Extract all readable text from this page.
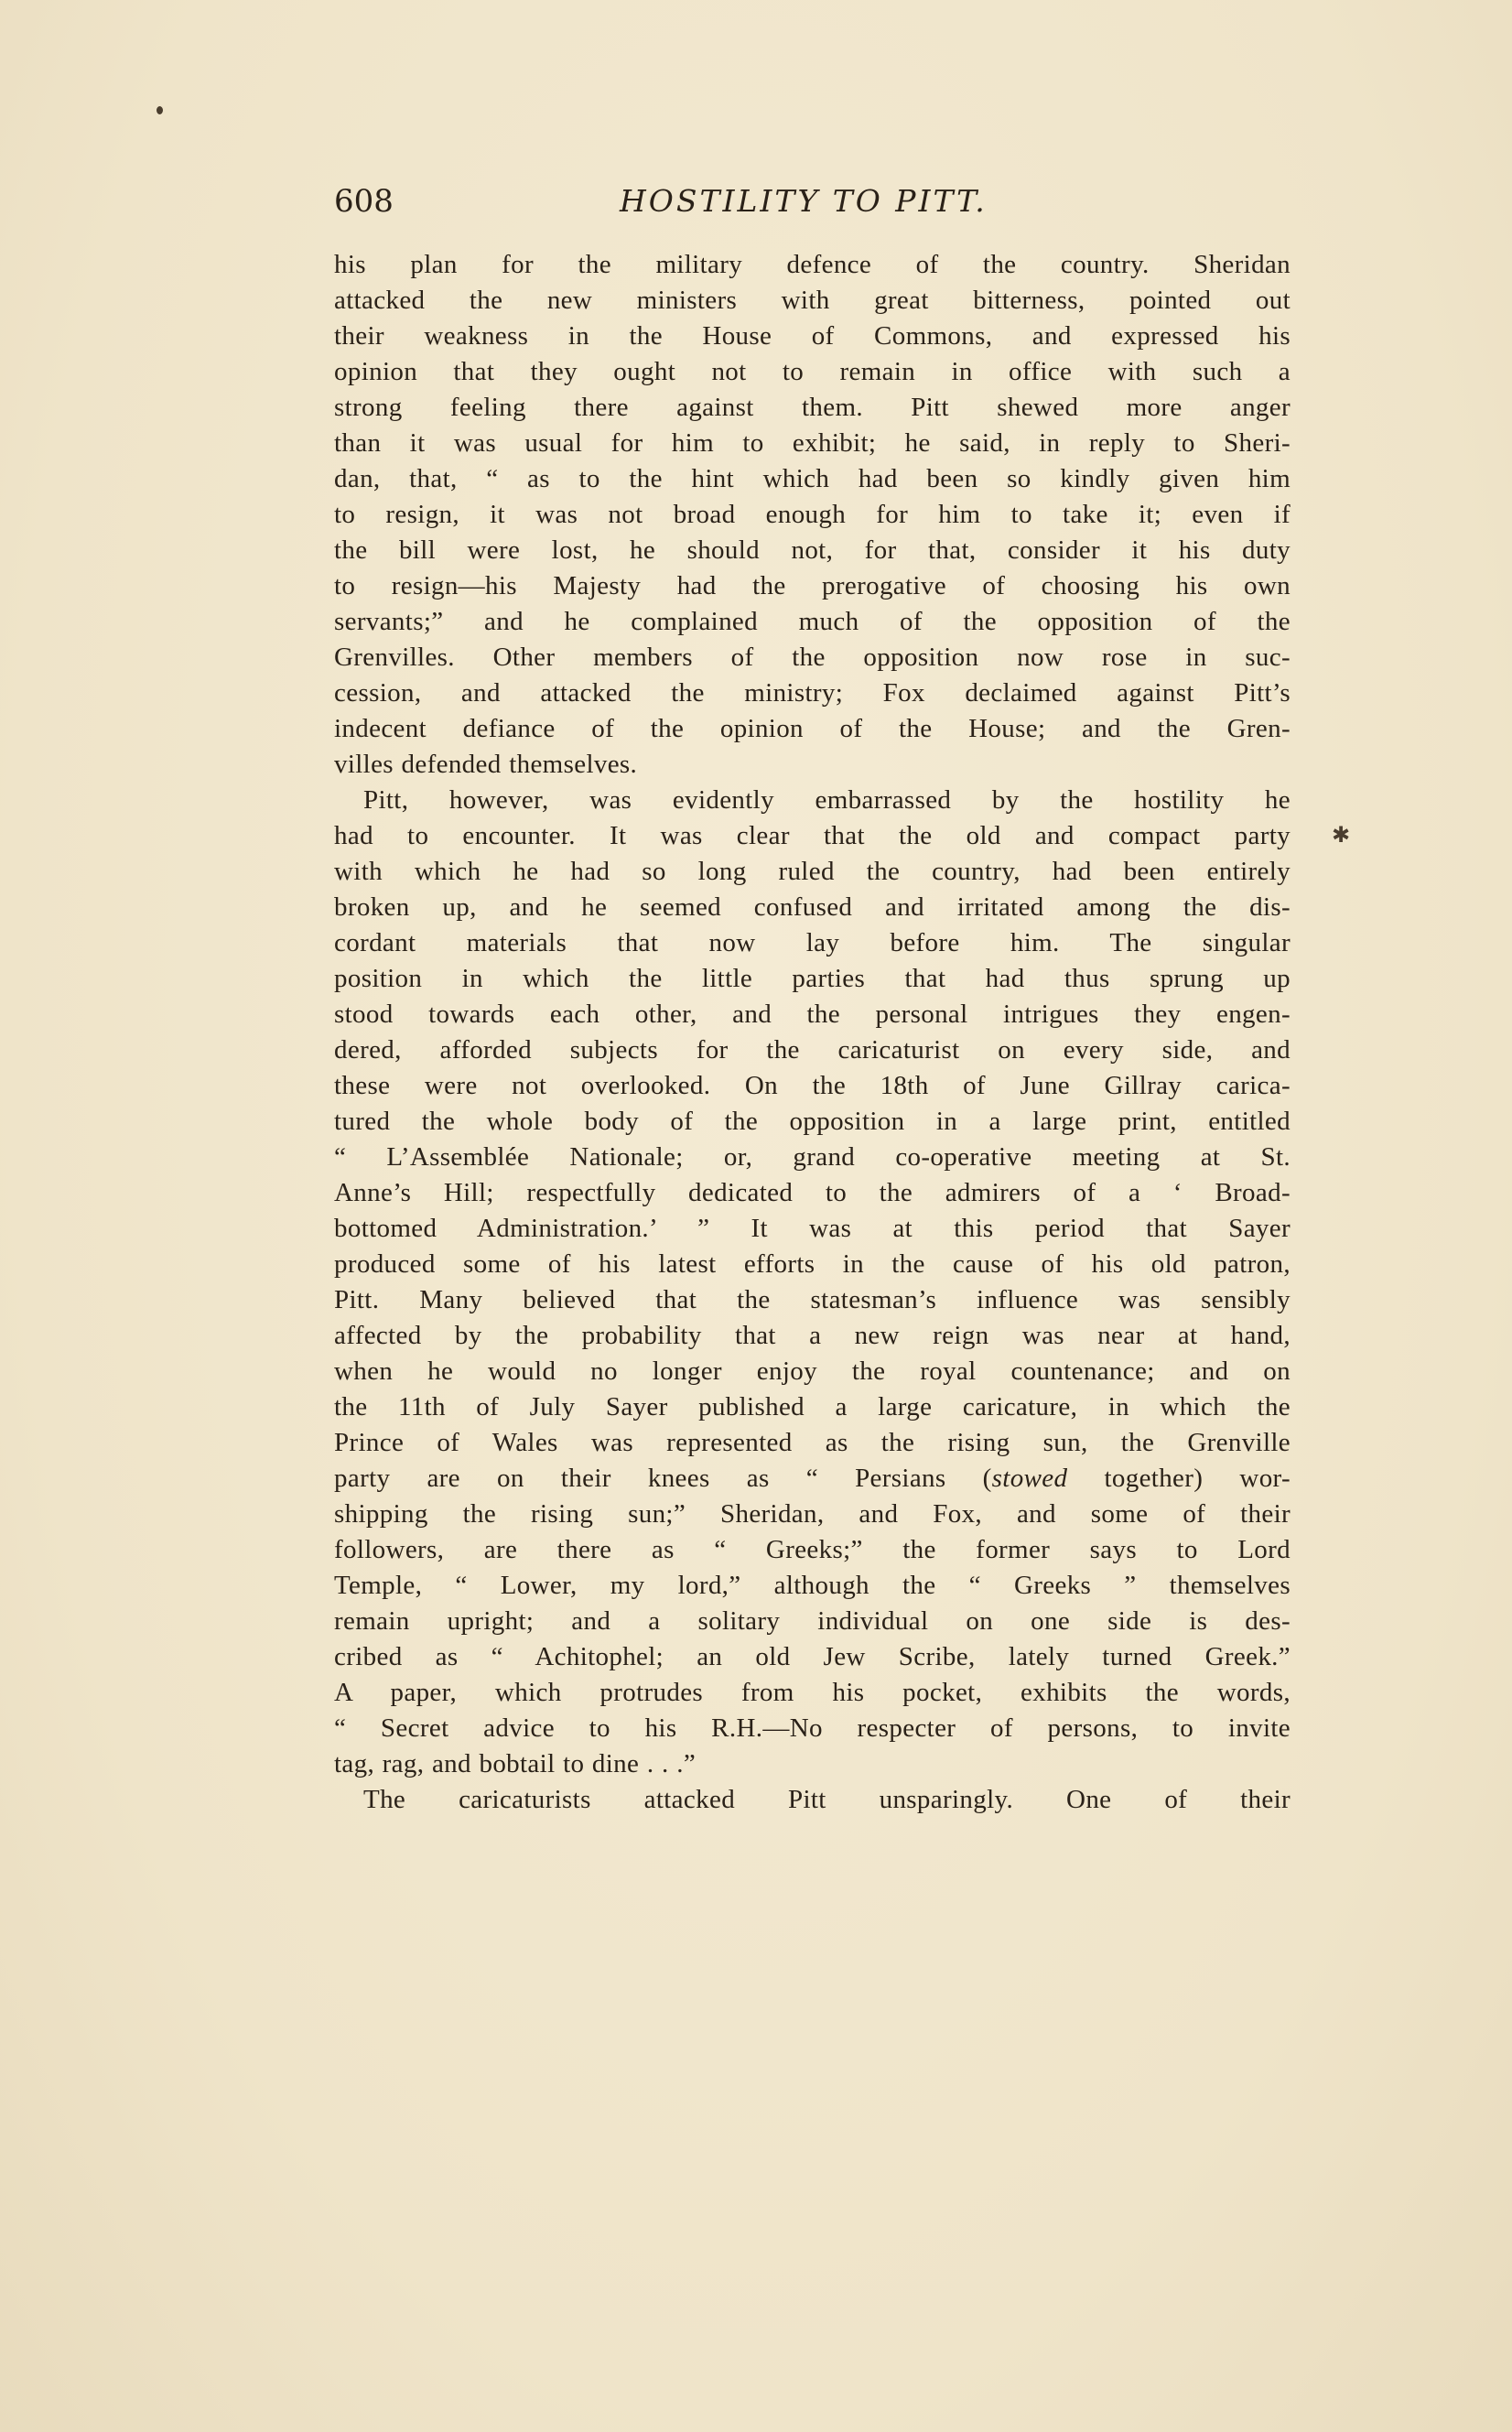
✱
608	HOSTILITY TO PITT.
his plan for the military defence of the country. Sheridan
attacked the new ministers with great bitterness, pointed out
their weakness in the House of Commons, and expressed his
opinion that they ought not to remain in office with such a
strong feeling there against them. Pitt shewed more anger
than it was usual for him to exhibit; he said, in reply to Sheri-
dan, that, “ as to the hint which had been so kindly given him
to resign, it was not broad enough for him to take it; even if
the bill were lost, he should not, for that, consider it his duty
to resign—his Majesty had the prerogative of choosing his own
servants;” and he complained much of the opposition of the
Grenvilles. Other members of the opposition now rose in suc-
cession, and attacked the ministry; Fox declaimed against Pitt’s
indecent defiance of the opinion of the House; and the Gren-
villes defended themselves.
Pitt, however, was evidently embarrassed by the hostility he
had to encounter. It was clear that the old and compact party
with which he had so long ruled the country, had been entirely
broken up, and he seemed confused and irritated among the dis-
cordant materials that now lay before him. The singular
position in which the little parties that had thus sprung up
stood towards each other, and the personal intrigues they engen-
dered, afforded subjects for the caricaturist on every side, and
these were not overlooked. On the 18th of June Gillray carica-
tured the whole body of the opposition in a large print, entitled
“ L’Assemblée Nationale; or, grand co-operative meeting at St.
Anne’s Hill; respectfully dedicated to the admirers of a ‘ Broad-
bottomed Administration.’ ” It was at this period that Sayer
produced some of his latest efforts in the cause of his old patron,
Pitt. Many believed that the statesman’s influence was sensibly
affected by the probability that a new reign was near at hand,
when he would no longer enjoy the royal countenance; and on
the 11th of July Sayer published a large caricature, in which the
Prince of Wales was represented as the rising sun, the Grenville
party are on their knees as “ Persians (stowed together) wor-
shipping the rising sun;” Sheridan, and Fox, and some of their
followers, are there as “ Greeks;” the former says to Lord
Temple, “ Lower, my lord,” although the “ Greeks ” themselves
remain upright; and a solitary individual on one side is des-
cribed as “ Achitophel; an old Jew Scribe, lately turned Greek.”
A paper, which protrudes from his pocket, exhibits the words,
“ Secret advice to his R.H.—No respecter of persons, to invite
tag, rag, and bobtail to dine . . .”
The caricaturists attacked Pitt unsparingly. One of their
